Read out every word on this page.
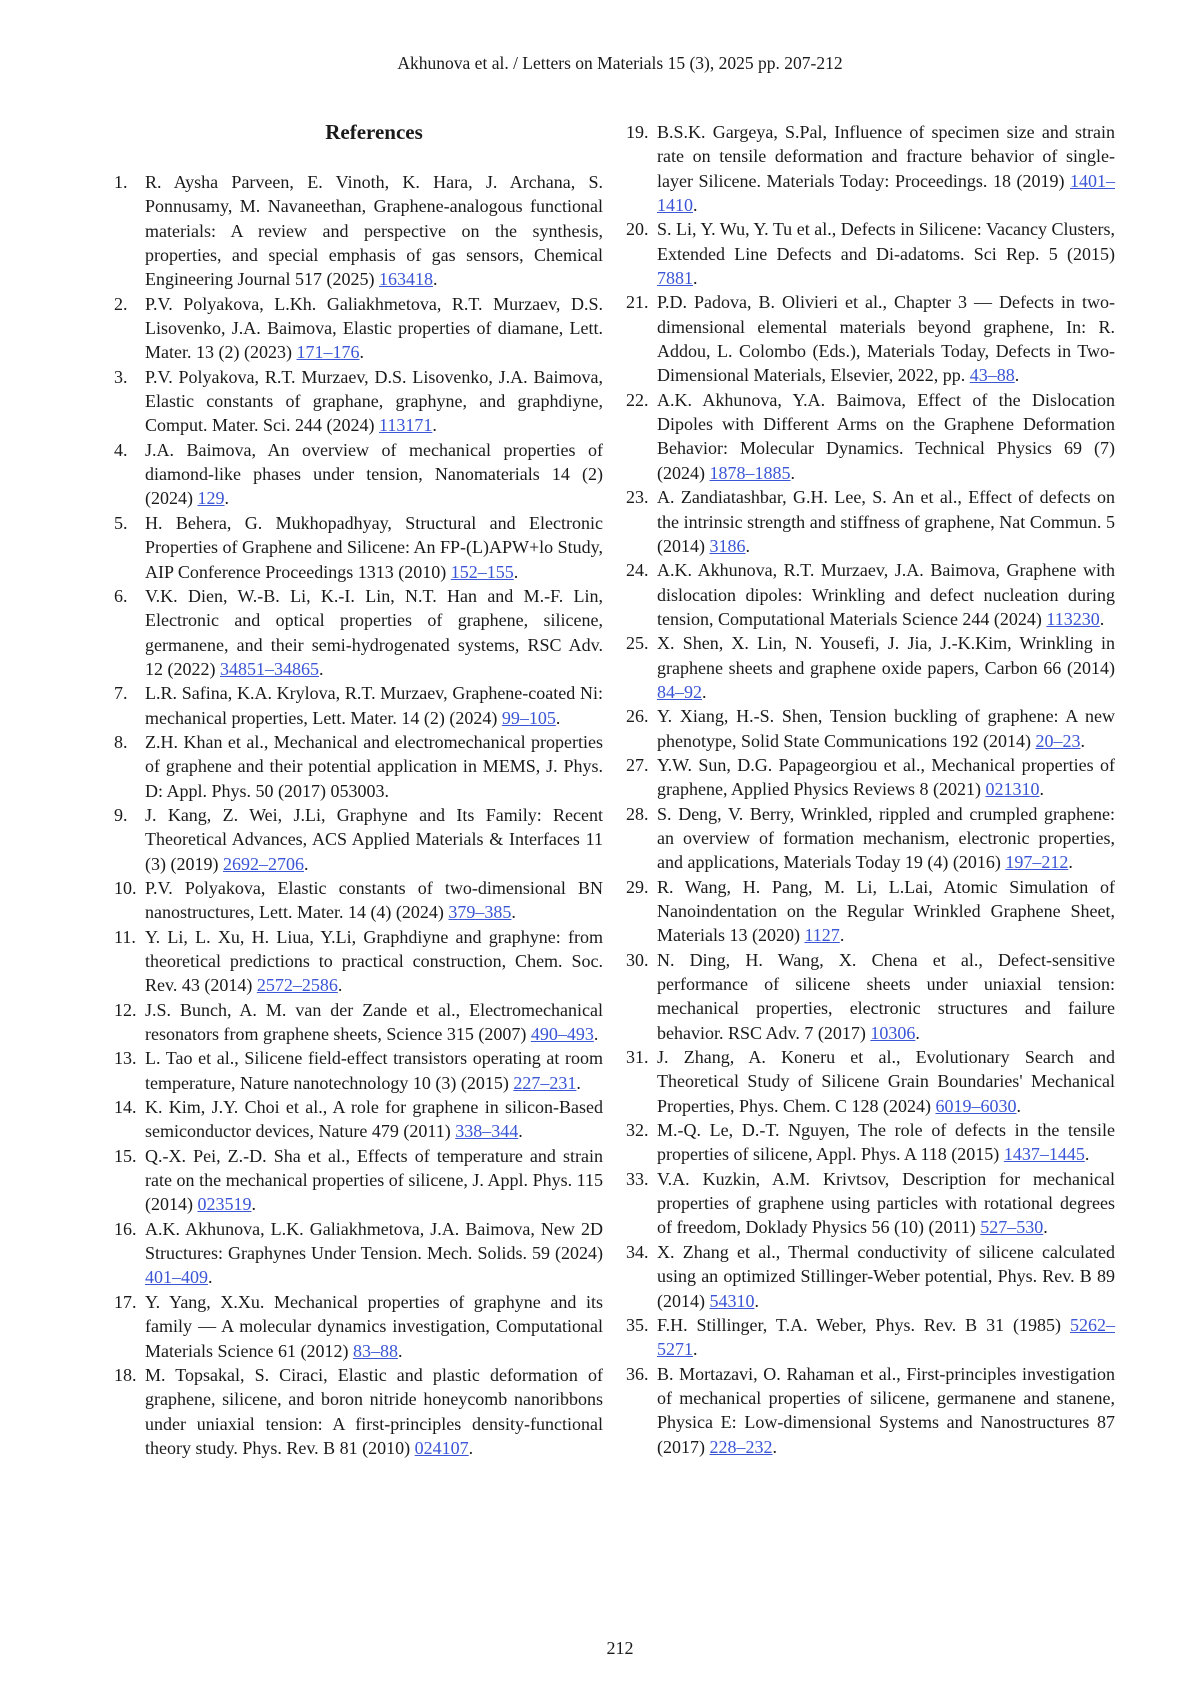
Akhunova et al. / Letters on Materials 15 (3), 2025 pp. 207-212
References

1. R. Aysha Parveen, E. Vinoth, K. Hara, J. Archana, S. Ponnusamy, M. Navaneethan, Graphene-analogous functional materials: A review and perspective on the synthesis, properties, and special emphasis of gas sensors, Chemical Engineering Journal 517 (2025) 163418.

2. P.V. Polyakova, L.Kh. Galiakhmetova, R.T. Murzaev, D.S. Lisovenko, J.A. Baimova, Elastic properties of diamane, Lett. Mater. 13 (2) (2023) 171–176.

3. P.V. Polyakova, R.T. Murzaev, D.S. Lisovenko, J.A. Baimova, Elastic constants of graphane, graphyne, and graphdiyne, Comput. Mater. Sci. 244 (2024) 113171.

4. J.A. Baimova, An overview of mechanical properties of diamond-like phases under tension, Nanomaterials 14 (2) (2024) 129.

5. H. Behera, G. Mukhopadhyay, Structural and Electronic Properties of Graphene and Silicene: An FP-(L)APW+lo Study, AIP Conference Proceedings 1313 (2010) 152–155.

6. V.K. Dien, W.-B. Li, K.-I. Lin, N.T. Han and M.-F. Lin, Electronic and optical properties of graphene, silicene, germanene, and their semi-hydrogenated systems, RSC Adv. 12 (2022) 34851–34865.

7. L.R. Safina, K.A. Krylova, R.T. Murzaev, Graphene-coated Ni: mechanical properties, Lett. Mater. 14 (2) (2024) 99–105.

8. Z.H. Khan et al., Mechanical and electromechanical properties of graphene and their potential application in MEMS, J. Phys. D: Appl. Phys. 50 (2017) 053003.

9. J. Kang, Z. Wei, J.Li, Graphyne and Its Family: Recent Theoretical Advances, ACS Applied Materials & Interfaces 11 (3) (2019) 2692–2706.

10. P.V. Polyakova, Elastic constants of two-dimensional BN nanostructures, Lett. Mater. 14 (4) (2024) 379–385.

11. Y. Li, L. Xu, H. Liua, Y.Li, Graphdiyne and graphyne: from theoretical predictions to practical construction, Chem. Soc. Rev. 43 (2014) 2572–2586.

12. J.S. Bunch, A. M. van der Zande et al., Electromechanical resonators from graphene sheets, Science 315 (2007) 490–493.

13. L. Tao et al., Silicene field-effect transistors operating at room temperature, Nature nanotechnology 10 (3) (2015) 227–231.

14. K. Kim, J.Y. Choi et al., A role for graphene in silicon-Based semiconductor devices, Nature 479 (2011) 338–344.

15. Q.-X. Pei, Z.-D. Sha et al., Effects of temperature and strain rate on the mechanical properties of silicene, J. Appl. Phys. 115 (2014) 023519.

16. A.K. Akhunova, L.K. Galiakhmetova, J.A. Baimova, New 2D Structures: Graphynes Under Tension. Mech. Solids. 59 (2024) 401–409.

17. Y. Yang, X.Xu. Mechanical properties of graphyne and its family — A molecular dynamics investigation, Computational Materials Science 61 (2012) 83–88.

18. M. Topsakal, S. Ciraci, Elastic and plastic deformation of graphene, silicene, and boron nitride honeycomb nanoribbons under uniaxial tension: A first-principles density-functional theory study. Phys. Rev. B 81 (2010) 024107.

19. B.S.K. Gargeya, S.Pal, Influence of specimen size and strain rate on tensile deformation and fracture behavior of single-layer Silicene. Materials Today: Proceedings. 18 (2019) 1401–1410.

20. S. Li, Y. Wu, Y. Tu et al., Defects in Silicene: Vacancy Clusters, Extended Line Defects and Di-adatoms. Sci Rep. 5 (2015) 7881.

21. P.D. Padova, B. Olivieri et al., Chapter 3 — Defects in two-dimensional elemental materials beyond graphene, In: R. Addou, L. Colombo (Eds.), Materials Today, Defects in Two-Dimensional Materials, Elsevier, 2022, pp. 43–88.

22. A.K. Akhunova, Y.A. Baimova, Effect of the Dislocation Dipoles with Different Arms on the Graphene Deformation Behavior: Molecular Dynamics. Technical Physics 69 (7) (2024) 1878–1885.

23. A. Zandiatashbar, G.H. Lee, S. An et al., Effect of defects on the intrinsic strength and stiffness of graphene, Nat Commun. 5 (2014) 3186.

24. A.K. Akhunova, R.T. Murzaev, J.A. Baimova, Graphene with dislocation dipoles: Wrinkling and defect nucleation during tension, Computational Materials Science 244 (2024) 113230.

25. X. Shen, X. Lin, N. Yousefi, J. Jia, J.-K.Kim, Wrinkling in graphene sheets and graphene oxide papers, Carbon 66 (2014) 84–92.

26. Y. Xiang, H.-S. Shen, Tension buckling of graphene: A new phenotype, Solid State Communications 192 (2014) 20–23.

27. Y.W. Sun, D.G. Papageorgiou et al., Mechanical properties of graphene, Applied Physics Reviews 8 (2021) 021310.

28. S. Deng, V. Berry, Wrinkled, rippled and crumpled graphene: an overview of formation mechanism, electronic properties, and applications, Materials Today 19 (4) (2016) 197–212.

29. R. Wang, H. Pang, M. Li, L.Lai, Atomic Simulation of Nanoindentation on the Regular Wrinkled Graphene Sheet, Materials 13 (2020) 1127.

30. N. Ding, H. Wang, X. Chena et al., Defect-sensitive performance of silicene sheets under uniaxial tension: mechanical properties, electronic structures and failure behavior. RSC Adv. 7 (2017) 10306.

31. J. Zhang, A. Koneru et al., Evolutionary Search and Theoretical Study of Silicene Grain Boundaries' Mechanical Properties, Phys. Chem. C 128 (2024) 6019–6030.

32. M.-Q. Le, D.-T. Nguyen, The role of defects in the tensile properties of silicene, Appl. Phys. A 118 (2015) 1437–1445.

33. V.A. Kuzkin, A.M. Krivtsov, Description for mechanical properties of graphene using particles with rotational degrees of freedom, Doklady Physics 56 (10) (2011) 527–530.

34. X. Zhang et al., Thermal conductivity of silicene calculated using an optimized Stillinger-Weber potential, Phys. Rev. B 89 (2014) 54310.

35. F.H. Stillinger, T.A. Weber, Phys. Rev. B 31 (1985) 5262–5271.

36. B. Mortazavi, O. Rahaman et al., First-principles investigation of mechanical properties of silicene, germanene and stanene, Physica E: Low-dimensional Systems and Nanostructures 87 (2017) 228–232.

212
